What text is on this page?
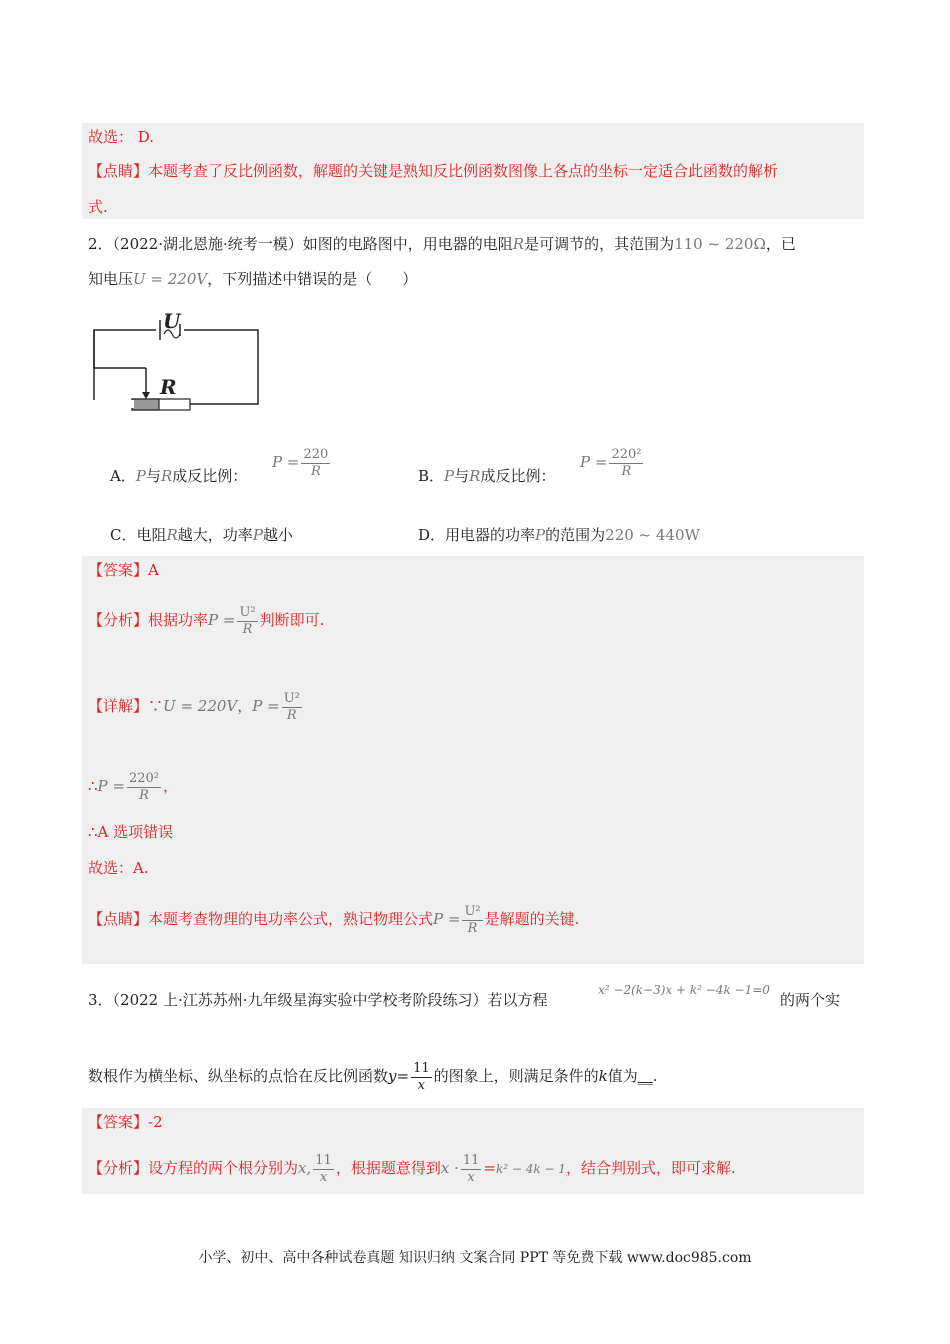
故选： D.
【点睛】本题考查了反比例函数，解题的关键是熟知反比例函数图像上各点的坐标一定适合此函数的解析
式.
2．（2022·湖北恩施·统考一模）如图的电路图中，用电器的电阻R是可调节的，其范围为110 ~ 220Ω，已
知电压U = 220V，下列描述中错误的是（　　）
U
R
A．P与R成反比例：
$P = \frac{220}{R}$	B．P与R成反比例：
$P = \frac{\text{220²}}{R}$
C．电阻R越大，功率P越小	D．用电器的功率P的范围为220 ~ 440W
【答案】A
【分析】根据功率$P = \frac{\text{U²}}{R}$ 判断即可.
【详解】∵U = 220V，$P = \frac{\text{U²}}{R}$
∴P = $\frac{\text{220²}}{R}$ ，
∴A 选项错误
故选：A.
【点睛】本题考查物理的电功率公式，熟记物理公式$P = \frac{\text{U²}}{R}$ 是解题的关键.
3．（2022 上·江苏苏州·九年级星海实验中学校考阶段练习）若以方程
x² −2(k−3)x + k² −4k −1=0
的两个实
数根作为横坐标、纵坐标的点恰在反比例函数$y= \frac{11}{x}$ 的图象上，则满足条件的k值为__.
【答案】-2
【分析】设方程的两个根分别为x, $\frac{11}{x}$ ，根据题意得到$x \cdot \frac{11}{x} =k^2 - 4k - 1$，结合判别式，即可求解.
小学、初中、高中各种试卷真题 知识归纳 文案合同 PPT 等免费下载 www.doc985.com
